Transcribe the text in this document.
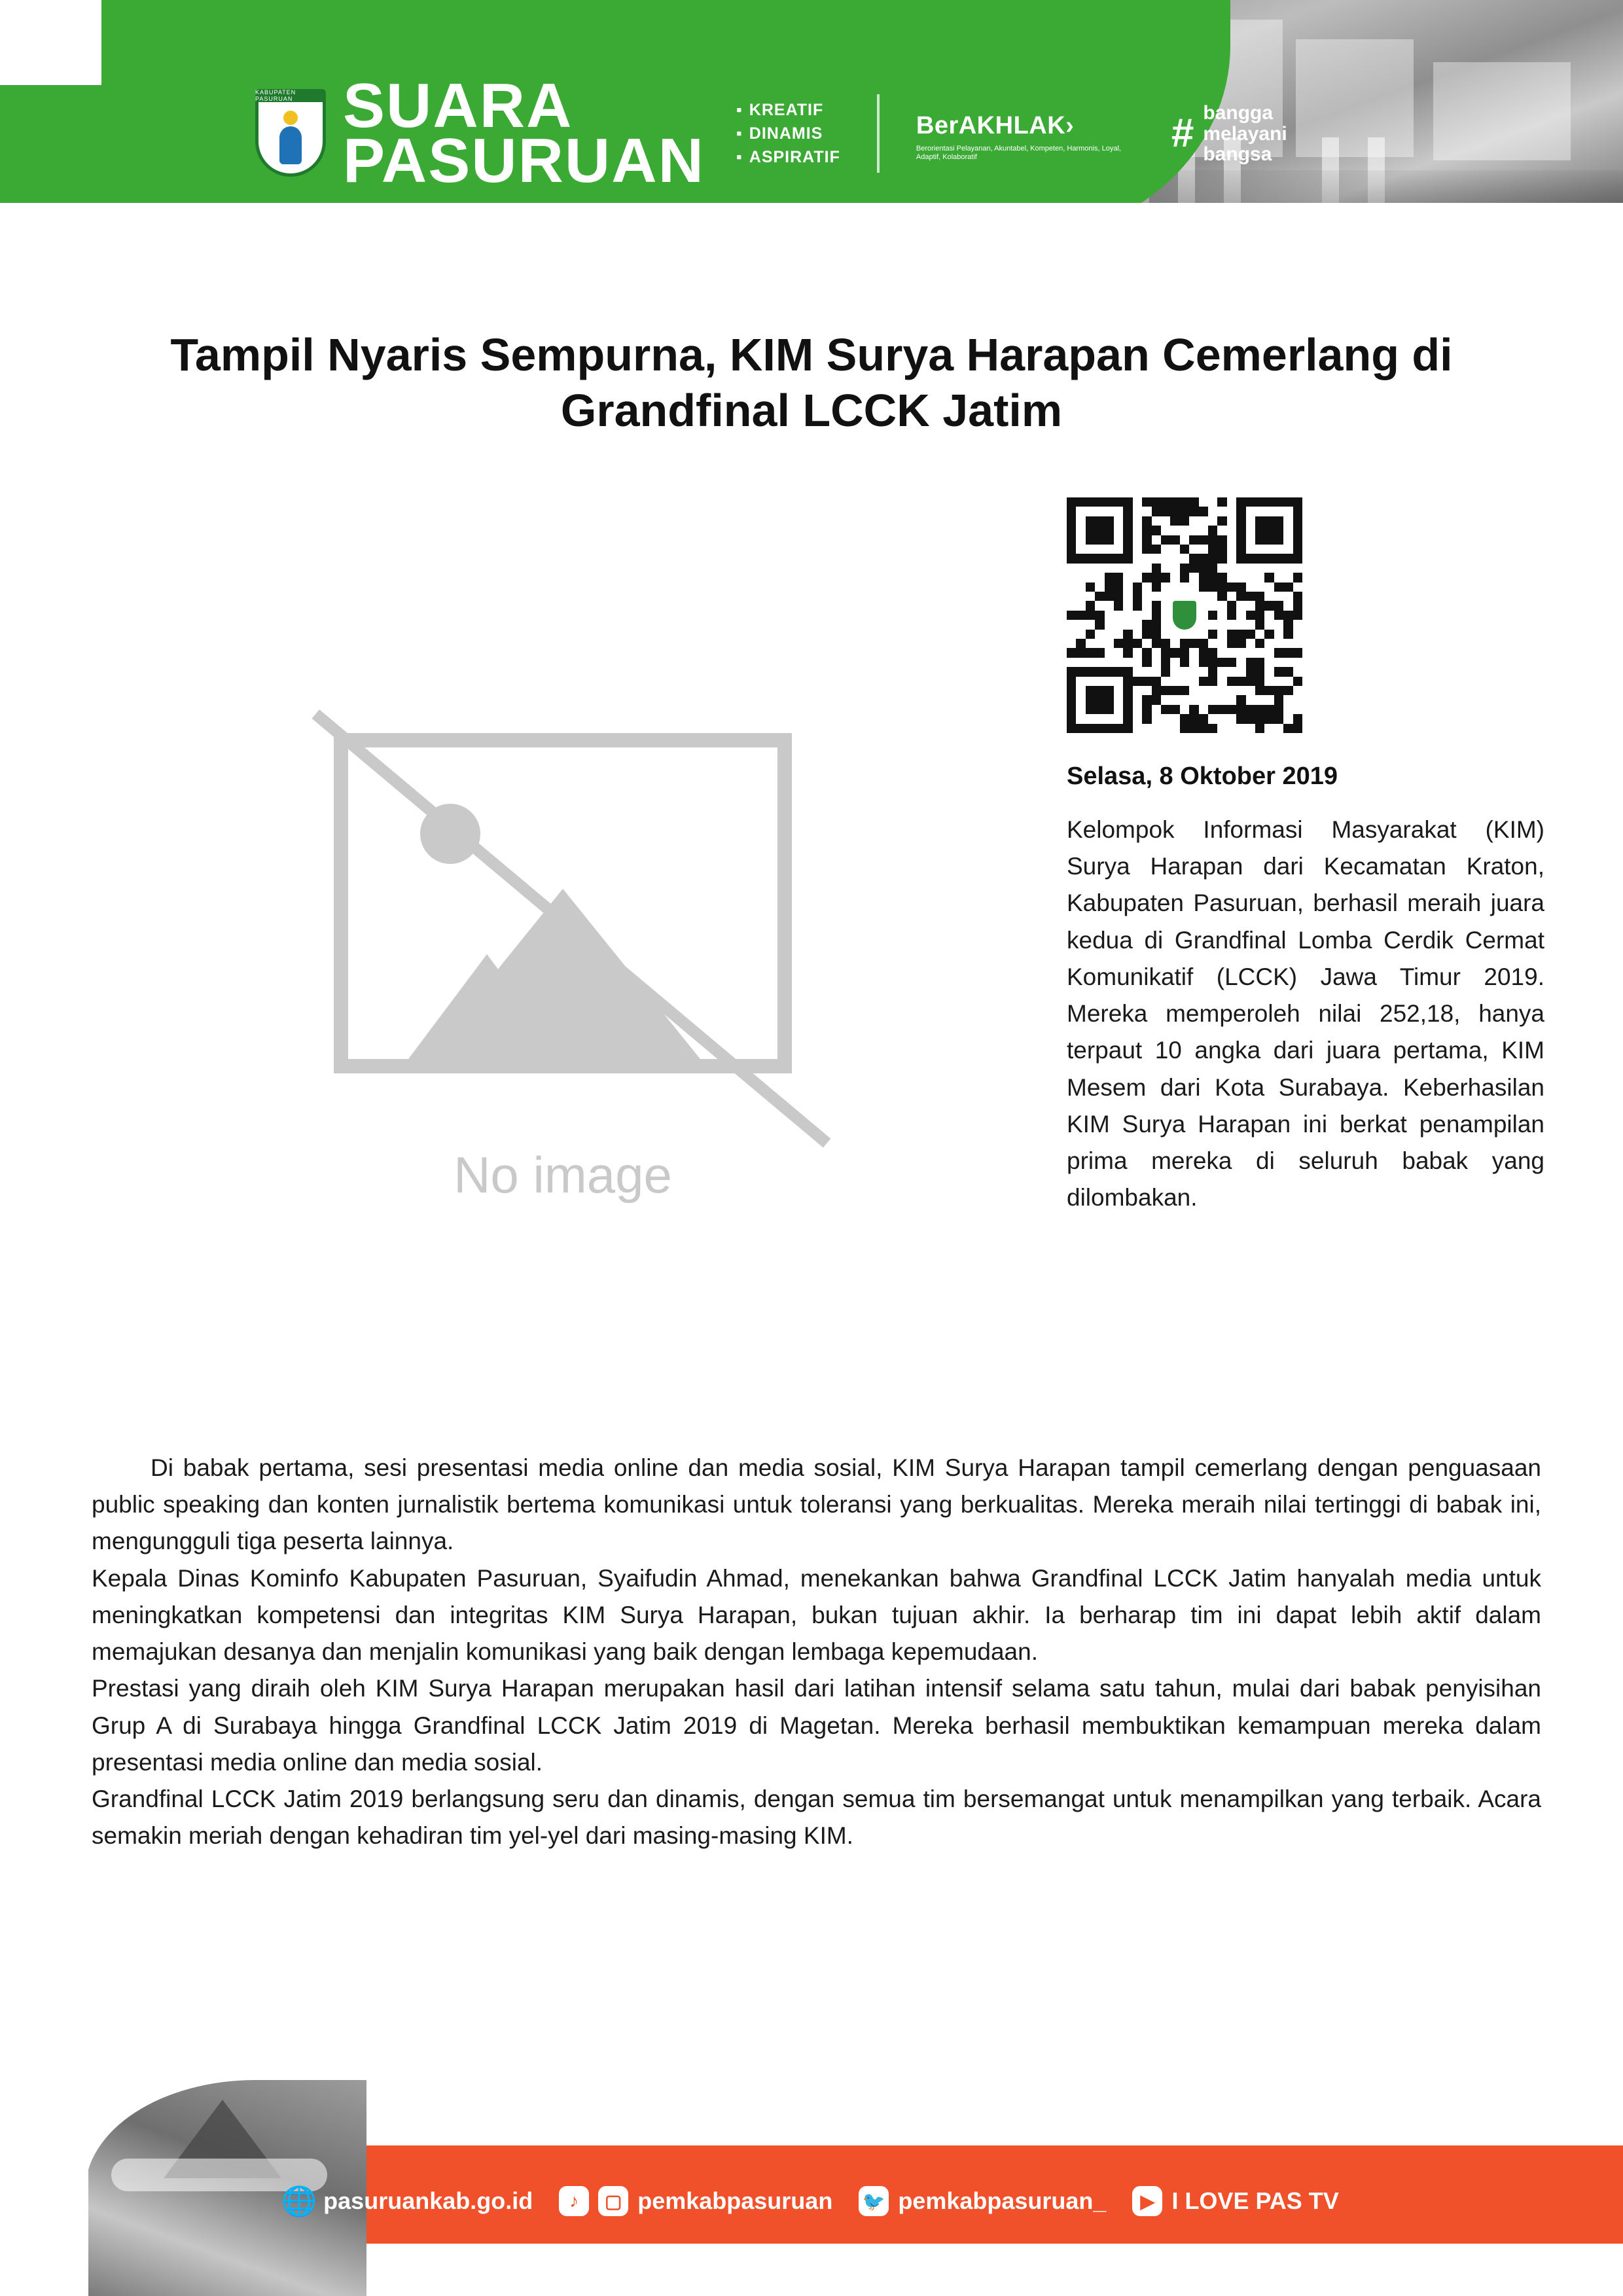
KABUPATEN PASURUAN SUARA
PASURUAN
▪ KREATIF
▪ DINAMIS
▪ ASPIRATIF
BerAKHLAK›
Berorientasi Pelayanan, Akuntabel, Kompeten, Harmonis, Loyal, Adaptif, Kolaboratif
# bangga
melayani
bangsa
Tampil Nyaris Sempurna, KIM Surya Harapan Cemerlang di Grandfinal LCCK Jatim
No image
Selasa, 8 Oktober 2019
Kelompok Informasi Masyarakat (KIM) Surya Harapan dari Kecamatan Kraton, Kabupaten Pasuruan, berhasil meraih juara kedua di Grandfinal Lomba Cerdik Cermat Komunikatif (LCCK) Jawa Timur 2019. Mereka memperoleh nilai 252,18, hanya terpaut 10 angka dari juara pertama, KIM Mesem dari Kota Surabaya. Keberhasilan KIM Surya Harapan ini berkat penampilan prima mereka di seluruh babak yang dilombakan.

Di babak pertama, sesi presentasi media online dan media sosial, KIM Surya Harapan tampil cemerlang dengan penguasaan public speaking dan konten jurnalistik bertema komunikasi untuk toleransi yang berkualitas. Mereka meraih nilai tertinggi di babak ini, mengungguli tiga peserta lainnya.

Kepala Dinas Kominfo Kabupaten Pasuruan, Syaifudin Ahmad, menekankan bahwa Grandfinal LCCK Jatim hanyalah media untuk meningkatkan kompetensi dan integritas KIM Surya Harapan, bukan tujuan akhir. Ia berharap tim ini dapat lebih aktif dalam memajukan desanya dan menjalin komunikasi yang baik dengan lembaga kepemudaan.

Prestasi yang diraih oleh KIM Surya Harapan merupakan hasil dari latihan intensif selama satu tahun, mulai dari babak penyisihan Grup A di Surabaya hingga Grandfinal LCCK Jatim 2019 di Magetan. Mereka berhasil membuktikan kemampuan mereka dalam presentasi media online dan media sosial.

Grandfinal LCCK Jatim 2019 berlangsung seru dan dinamis, dengan semua tim bersemangat untuk menampilkan yang terbaik. Acara semakin meriah dengan kehadiran tim yel-yel dari masing-masing KIM.

🌐 pasuruankab.go.id	♪	▢ pemkabpasuruan 🐦 pemkabpasuruan_	▶ I LOVE PAS TV
